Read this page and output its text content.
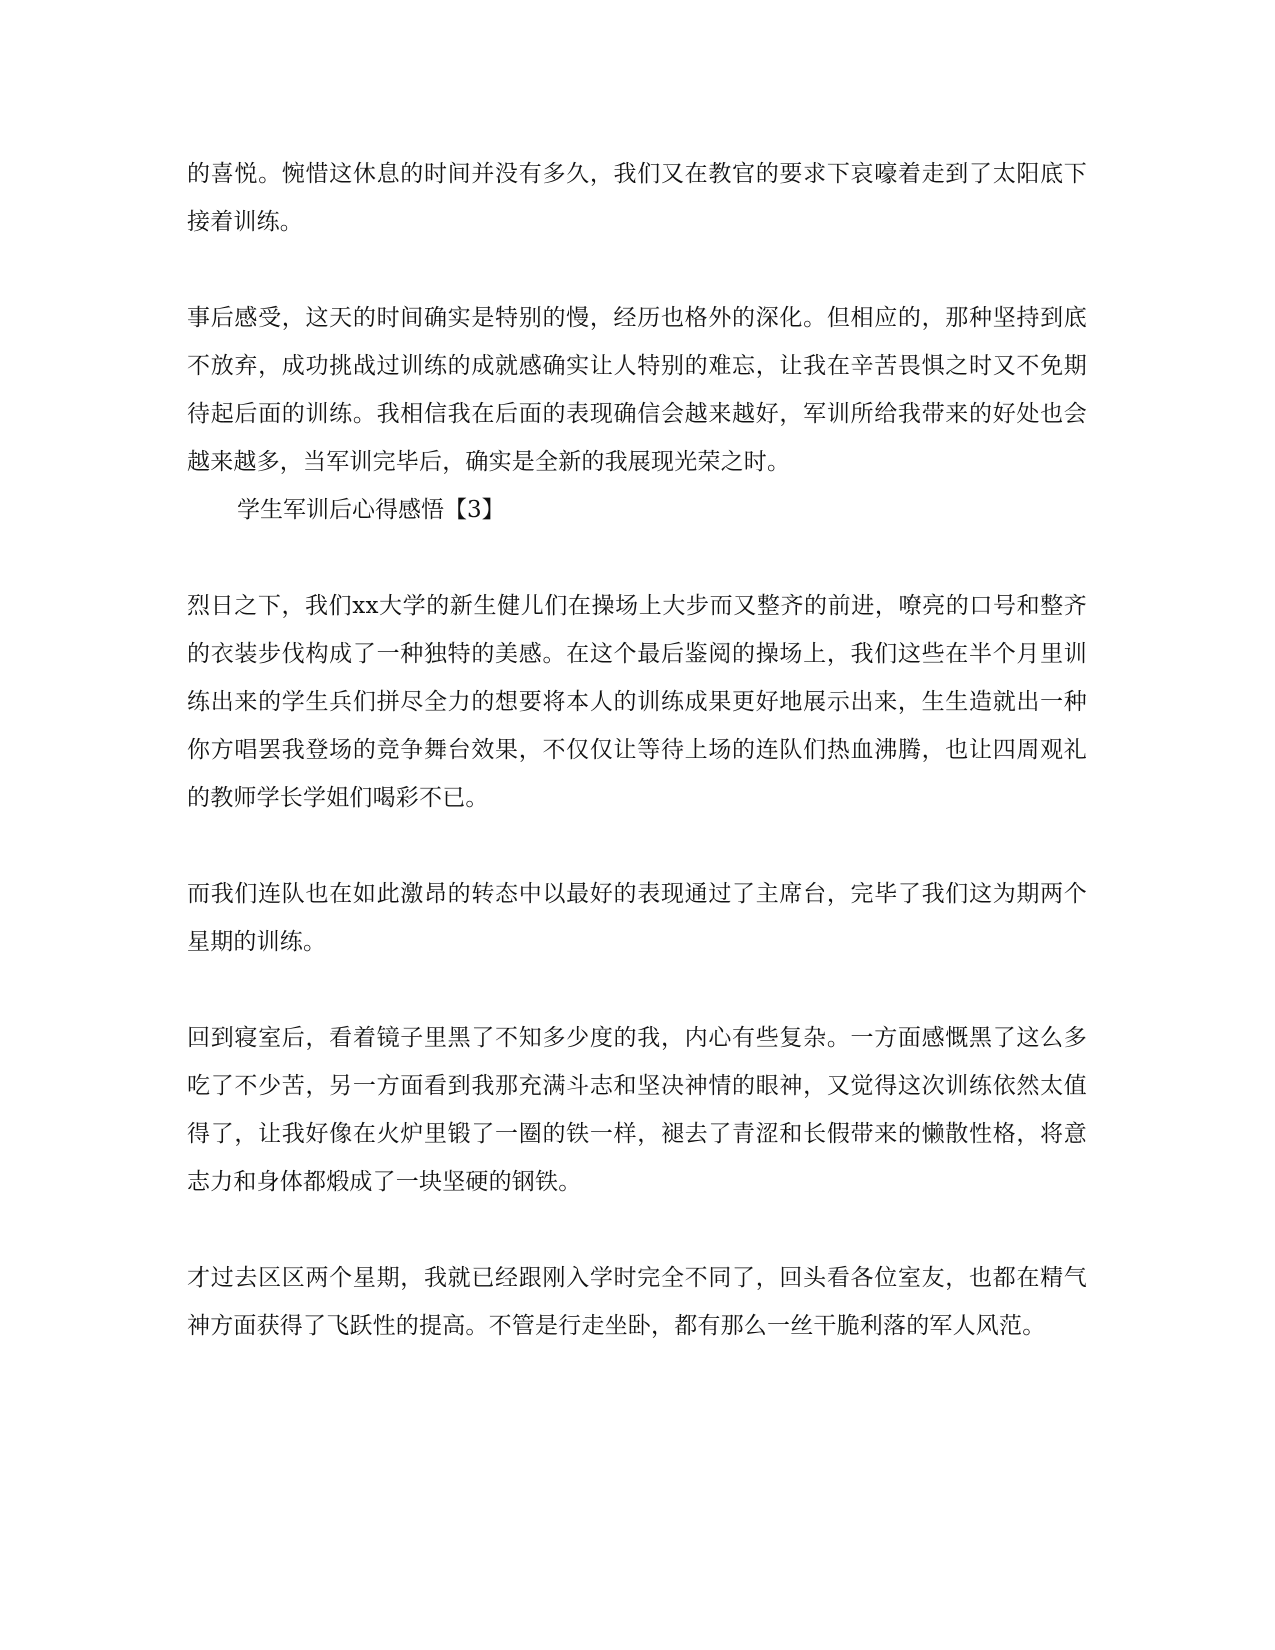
的喜悦。惋惜这休息的时间并没有多久，我们又在教官的要求下哀嚎着走到了太阳底下接着训练。

事后感受，这天的时间确实是特别的慢，经历也格外的深化。但相应的，那种坚持到底不放弃，成功挑战过训练的成就感确实让人特别的难忘，让我在辛苦畏惧之时又不免期待起后面的训练。我相信我在后面的表现确信会越来越好，军训所给我带来的好处也会越来越多，当军训完毕后，确实是全新的我展现光荣之时。

学生军训后心得感悟【3】

烈日之下，我们xx大学的新生健儿们在操场上大步而又整齐的前进，嘹亮的口号和整齐的衣装步伐构成了一种独特的美感。在这个最后鉴阅的操场上，我们这些在半个月里训练出来的学生兵们拼尽全力的想要将本人的训练成果更好地展示出来，生生造就出一种你方唱罢我登场的竞争舞台效果，不仅仅让等待上场的连队们热血沸腾，也让四周观礼的教师学长学姐们喝彩不已。

而我们连队也在如此激昂的转态中以最好的表现通过了主席台，完毕了我们这为期两个星期的训练。

回到寝室后，看着镜子里黑了不知多少度的我，内心有些复杂。一方面感慨黑了这么多吃了不少苦，另一方面看到我那充满斗志和坚决神情的眼神，又觉得这次训练依然太值得了，让我好像在火炉里锻了一圈的铁一样，褪去了青涩和长假带来的懒散性格，将意志力和身体都煅成了一块坚硬的钢铁。

才过去区区两个星期，我就已经跟刚入学时完全不同了，回头看各位室友，也都在精气神方面获得了飞跃性的提高。不管是行走坐卧，都有那么一丝干脆利落的军人风范。
